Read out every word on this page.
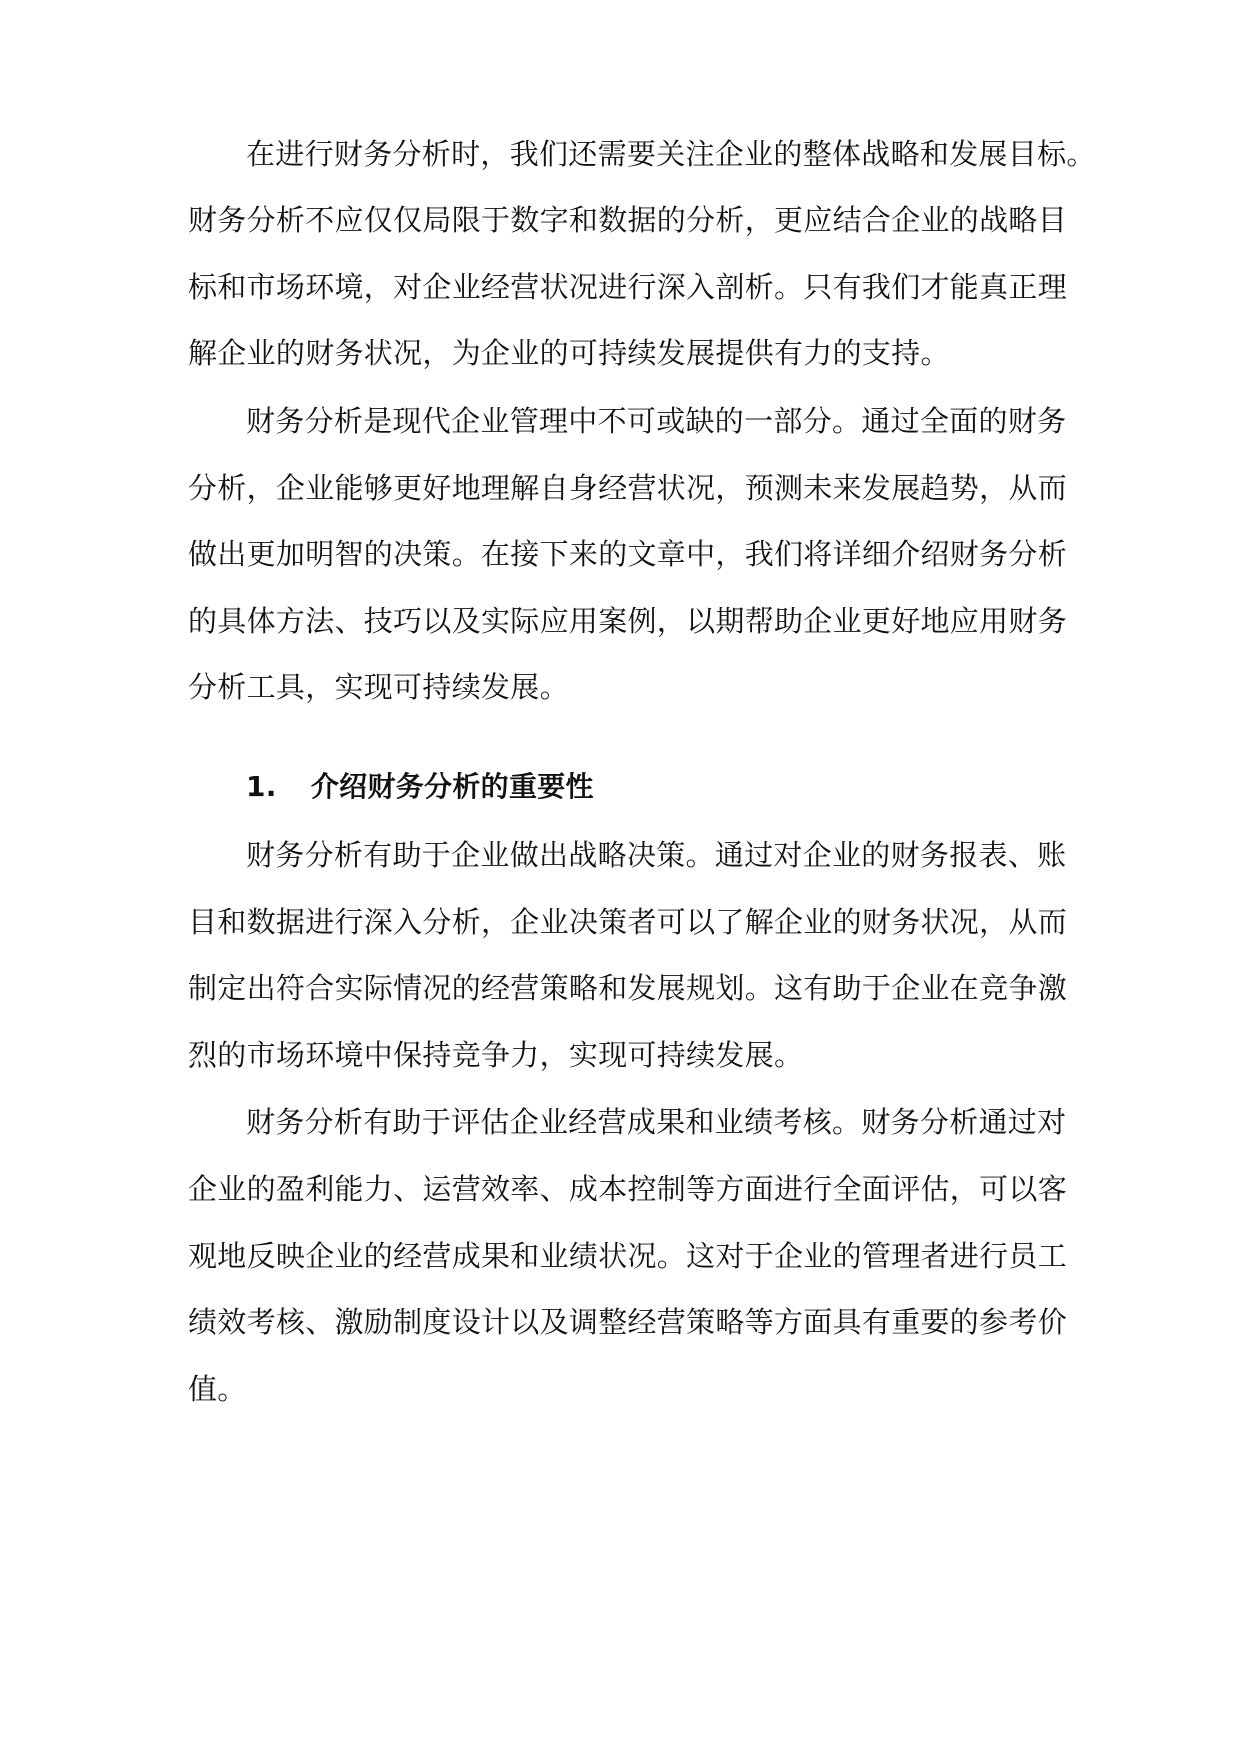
在进行财务分析时，我们还需要关注企业的整体战略和发展目标。
财务分析不应仅仅局限于数字和数据的分析，更应结合企业的战略目
标和市场环境，对企业经营状况进行深入剖析。只有我们才能真正理
解企业的财务状况，为企业的可持续发展提供有力的支持。
财务分析是现代企业管理中不可或缺的一部分。通过全面的财务
分析，企业能够更好地理解自身经营状况，预测未来发展趋势，从而
做出更加明智的决策。在接下来的文章中，我们将详细介绍财务分析
的具体方法、技巧以及实际应用案例，以期帮助企业更好地应用财务
分析工具，实现可持续发展。
1. 介绍财务分析的重要性
财务分析有助于企业做出战略决策。通过对企业的财务报表、账
目和数据进行深入分析，企业决策者可以了解企业的财务状况，从而
制定出符合实际情况的经营策略和发展规划。这有助于企业在竞争激
烈的市场环境中保持竞争力，实现可持续发展。
财务分析有助于评估企业经营成果和业绩考核。财务分析通过对
企业的盈利能力、运营效率、成本控制等方面进行全面评估，可以客
观地反映企业的经营成果和业绩状况。这对于企业的管理者进行员工
绩效考核、激励制度设计以及调整经营策略等方面具有重要的参考价
值。
